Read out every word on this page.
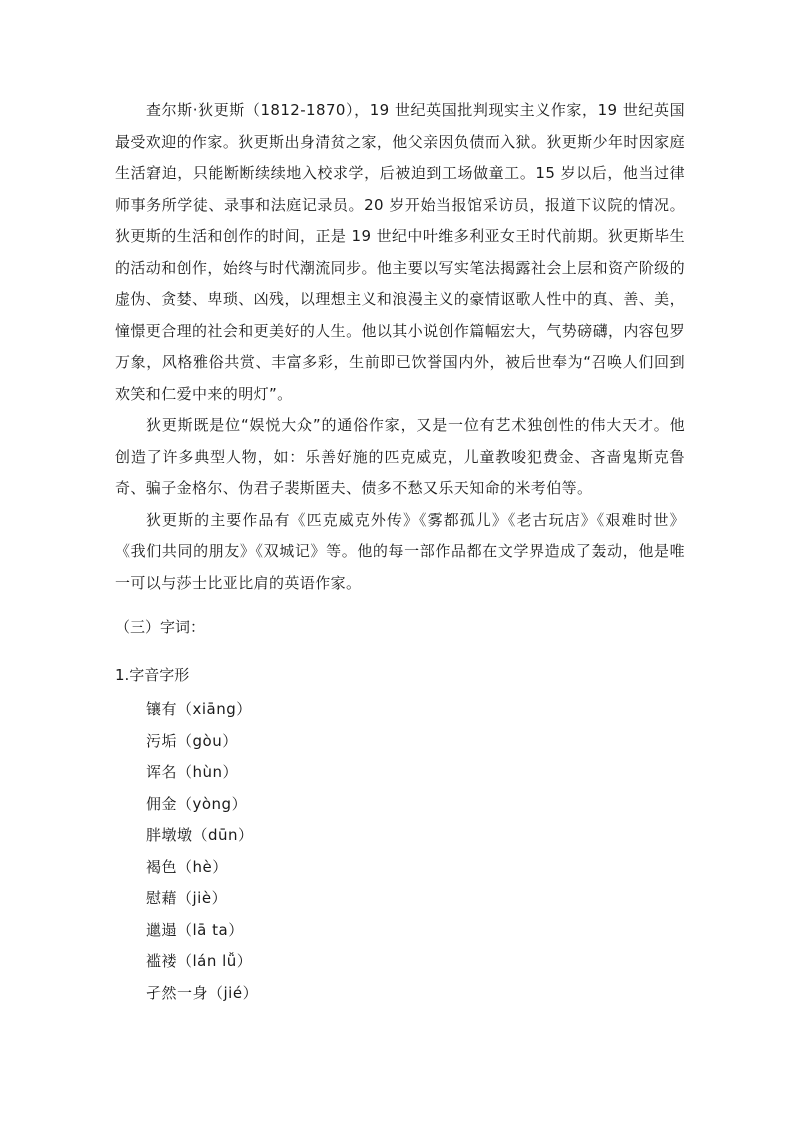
查尔斯·狄更斯（1812-1870），19 世纪英国批判现实主义作家，19 世纪英国最受欢迎的作家。狄更斯出身清贫之家，他父亲因负债而入狱。狄更斯少年时因家庭生活窘迫，只能断断续续地入校求学，后被迫到工场做童工。15 岁以后，他当过律师事务所学徒、录事和法庭记录员。20 岁开始当报馆采访员，报道下议院的情况。狄更斯的生活和创作的时间，正是 19 世纪中叶维多利亚女王时代前期。狄更斯毕生的活动和创作，始终与时代潮流同步。他主要以写实笔法揭露社会上层和资产阶级的虚伪、贪婪、卑琐、凶残，以理想主义和浪漫主义的豪情讴歌人性中的真、善、美，憧憬更合理的社会和更美好的人生。他以其小说创作篇幅宏大，气势磅礴，内容包罗万象，风格雅俗共赏、丰富多彩，生前即已饮誉国内外，被后世奉为“召唤人们回到欢笑和仁爱中来的明灯”。

狄更斯既是位“娱悦大众”的通俗作家，又是一位有艺术独创性的伟大天才。他创造了许多典型人物，如：乐善好施的匹克威克，儿童教唆犯费金、吝啬鬼斯克鲁奇、骗子金格尔、伪君子裴斯匿夫、债多不愁又乐天知命的米考伯等。

狄更斯的主要作品有《匹克威克外传》《雾都孤儿》《老古玩店》《艰难时世》《我们共同的朋友》《双城记》等。他的每一部作品都在文学界造成了轰动，他是唯一可以与莎士比亚比肩的英语作家。

（三）字词：

1.字音字形

镶有（xiāng）
污垢（gòu）
诨名（hùn）
佣金（yòng）
胖墩墩（dūn）
褐色（hè）
慰藉（jiè）
邋遢（lā ta）
褴褛（lán lǚ）
孑然一身（jié）
